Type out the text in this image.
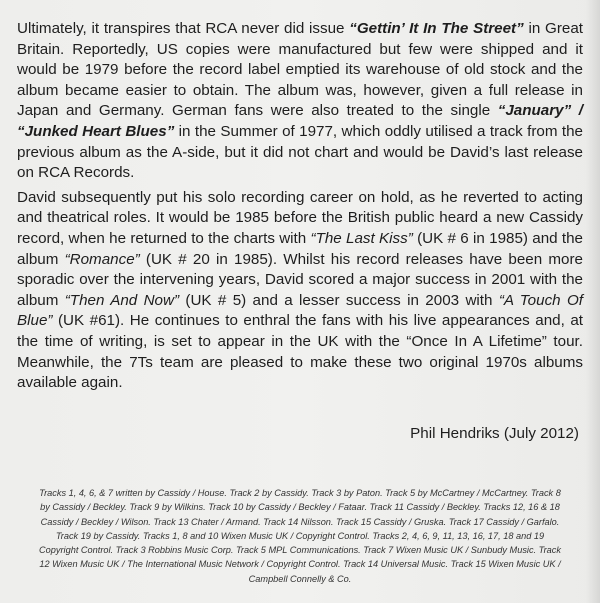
Ultimately, it transpires that RCA never did issue “Gettin’ It In The Street” in Great Britain. Reportedly, US copies were manufactured but few were shipped and it would be 1979 before the record label emptied its warehouse of old stock and the album became easier to obtain. The album was, however, given a full release in Japan and Germany. German fans were also treated to the single “January” / “Junked Heart Blues” in the Summer of 1977, which oddly utilised a track from the previous album as the A-side, but it did not chart and would be David’s last release on RCA Records.

David subsequently put his solo recording career on hold, as he reverted to acting and theatrical roles. It would be 1985 before the British public heard a new Cassidy record, when he returned to the charts with “The Last Kiss” (UK # 6 in 1985) and the album “Romance” (UK # 20 in 1985). Whilst his record releases have been more sporadic over the intervening years, David scored a major success in 2001 with the album “Then And Now” (UK # 5) and a lesser success in 2003 with “A Touch Of Blue” (UK #61). He continues to enthral the fans with his live appearances and, at the time of writing, is set to appear in the UK with the “Once In A Lifetime” tour. Meanwhile, the 7Ts team are pleased to make these two original 1970s albums available again.

Phil Hendriks (July 2012)
Tracks 1, 4, 6, & 7 written by Cassidy / House. Track 2 by Cassidy. Track 3 by Paton. Track 5 by McCartney / McCartney. Track 8 by Cassidy / Beckley. Track 9 by Wilkins. Track 10 by Cassidy / Beckley / Fataar. Track 11 Cassidy / Beckley. Tracks 12, 16 & 18 Cassidy / Beckley / Wilson. Track 13 Chater / Armand. Track 14 Nilsson. Track 15 Cassidy / Gruska. Track 17 Cassidy / Garfalo. Track 19 by Cassidy. Tracks 1, 8 and 10 Wixen Music UK / Copyright Control. Tracks 2, 4, 6, 9, 11, 13, 16, 17, 18 and 19 Copyright Control. Track 3 Robbins Music Corp. Track 5 MPL Communications. Track 7 Wixen Music UK / Sunbudy Music. Track 12 Wixen Music UK / The International Music Network / Copyright Control. Track 14 Universal Music. Track 15 Wixen Music UK / Campbell Connelly & Co.
